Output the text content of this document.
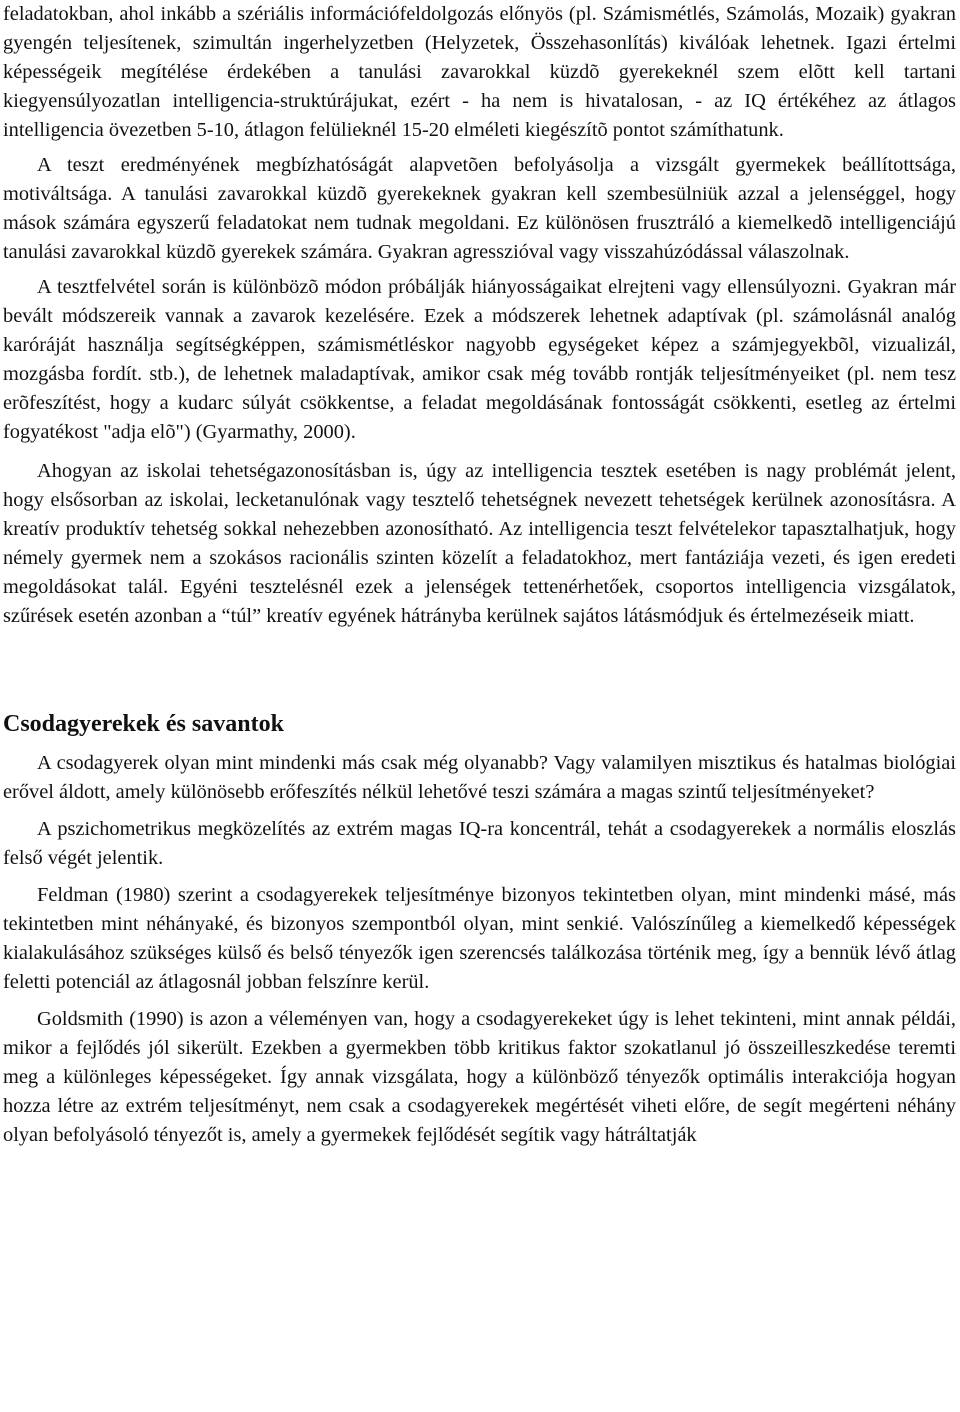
feladatokban, ahol inkább a szériális információfeldolgozás előnyös (pl. Számismétlés, Számolás, Mozaik) gyakran gyengén teljesítenek, szimultán ingerhelyzetben (Helyzetek, Összehasonlítás) kiválóak lehetnek. Igazi értelmi képességeik megítélése érdekében a tanulási zavarokkal küzdõ gyerekeknél szem elõtt kell tartani kiegyensúlyozatlan intelligencia-struktúrájukat, ezért - ha nem is hivatalosan, - az IQ értékéhez az átlagos intelligencia övezetben 5-10, átlagon felülieknél 15-20 elméleti kiegészítõ pontot számíthatunk.

A teszt eredményének megbízhatóságát alapvetõen befolyásolja a vizsgált gyermekek beállítottsága, motiváltsága. A tanulási zavarokkal küzdõ gyerekeknek gyakran kell szembesülniük azzal a jelenséggel, hogy mások számára egyszerű feladatokat nem tudnak megoldani. Ez különösen frusztráló a kiemelkedõ intelligenciájú tanulási zavarokkal küzdõ gyerekek számára. Gyakran agresszióval vagy visszahúzódással válaszolnak.

A tesztfelvétel során is különbözõ módon próbálják hiányosságaikat elrejteni vagy ellensúlyozni. Gyakran már bevált módszereik vannak a zavarok kezelésére. Ezek a módszerek lehetnek adaptívak (pl. számolásnál analóg karóráját használja segítségképpen, számismétléskor nagyobb egységeket képez a számjegyekbõl, vizualizál, mozgásba fordít. stb.), de lehetnek maladaptívak, amikor csak még tovább rontják teljesítményeiket (pl. nem tesz erõfeszítést, hogy a kudarc súlyát csökkentse, a feladat megoldásának fontosságát csökkenti, esetleg az értelmi fogyatékost "adja elõ") (Gyarmathy, 2000).

Ahogyan az iskolai tehetségazonosításban is, úgy az intelligencia tesztek esetében is nagy problémát jelent, hogy elsősorban az iskolai, lecketanulónak vagy tesztelő tehetségnek nevezett tehetségek kerülnek azonosításra. A kreatív produktív tehetség sokkal nehezebben azonosítható. Az intelligencia teszt felvételekor tapasztalhatjuk, hogy némely gyermek nem a szokásos racionális szinten közelít a feladatokhoz, mert fantáziája vezeti, és igen eredeti megoldásokat talál. Egyéni tesztelésnél ezek a jelenségek tettenérhetőek, csoportos intelligencia vizsgálatok, szűrések esetén azonban a “túl” kreatív egyének hátrányba kerülnek sajátos látásmódjuk és értelmezéseik miatt.

Csodagyerekek és savantok

A csodagyerek olyan mint mindenki más csak még olyanabb? Vagy valamilyen misztikus és hatalmas biológiai erővel áldott, amely különösebb erőfeszítés nélkül lehetővé teszi számára a magas szintű teljesítményeket?

A pszichometrikus megközelítés az extrém magas IQ-ra koncentrál, tehát a csodagyerekek a normális eloszlás felső végét jelentik.

Feldman (1980) szerint a csodagyerekek teljesítménye bizonyos tekintetben olyan, mint mindenki másé, más tekintetben mint néhányaké, és bizonyos szempontból olyan, mint senkié. Valószínűleg a kiemelkedő képességek kialakulásához szükséges külső és belső tényezők igen szerencsés találkozása történik meg, így a bennük lévő átlag feletti potenciál az átlagosnál jobban felszínre kerül.

Goldsmith (1990) is azon a véleményen van, hogy a csodagyerekeket úgy is lehet tekinteni, mint annak példái, mikor a fejlődés jól sikerült. Ezekben a gyermekben több kritikus faktor szokatlanul jó összeilleszkedése teremti meg a különleges képességeket. Így annak vizsgálata, hogy a különböző tényezők optimális interakciója hogyan hozza létre az extrém teljesítményt, nem csak a csodagyerekek megértését viheti előre, de segít megérteni néhány olyan befolyásoló tényezőt is, amely a gyermekek fejlődését segítik vagy hátráltatják
